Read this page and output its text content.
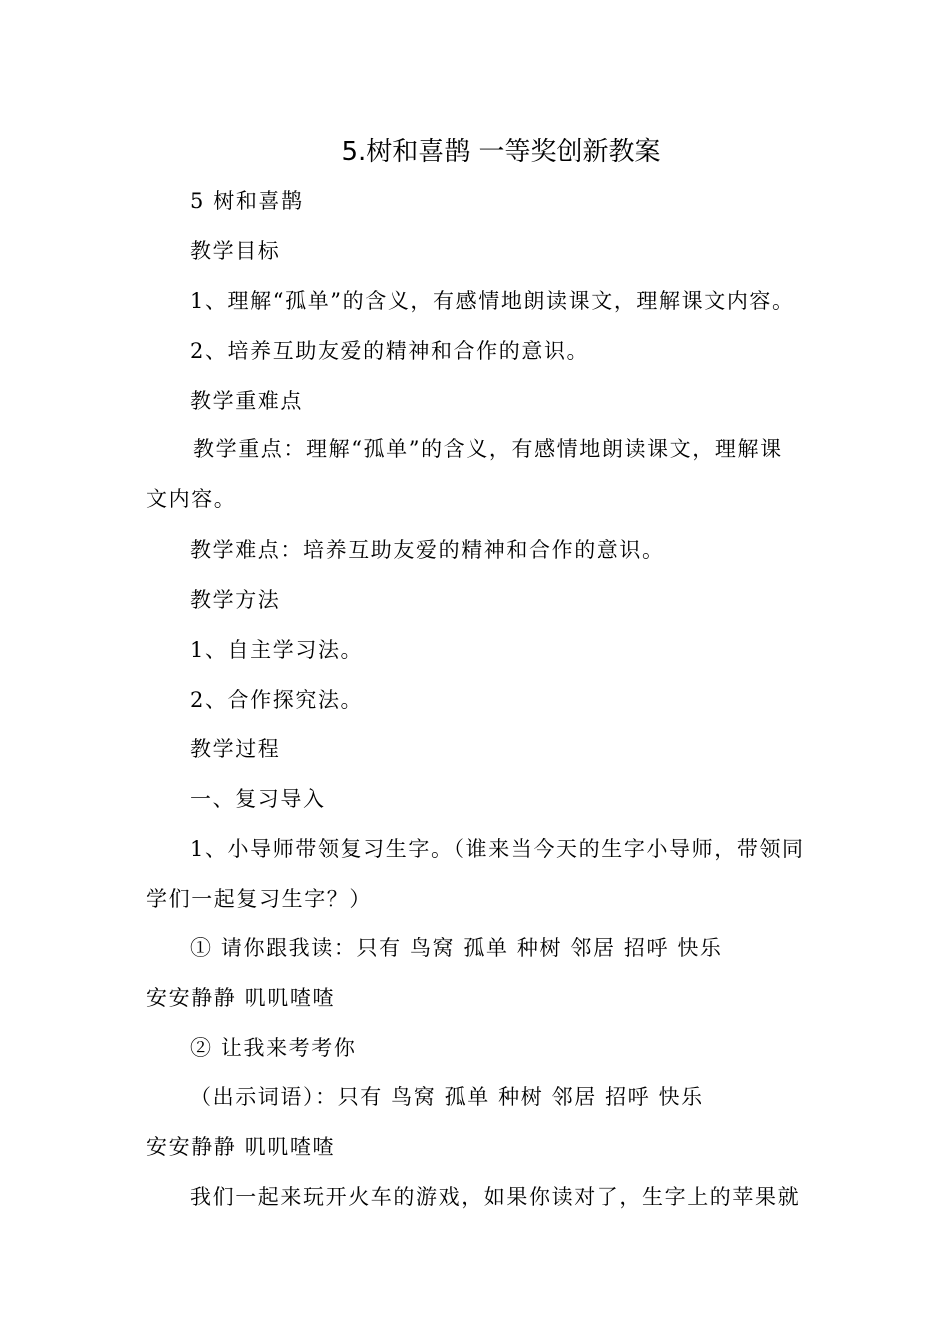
5.树和喜鹊 一等奖创新教案
5 树和喜鹊
教学目标
1、理解“孤单”的含义，有感情地朗读课文，理解课文内容。
2、培养互助友爱的精神和合作的意识。
教学重难点
教学重点：理解“孤单”的含义，有感情地朗读课文，理解课
文内容。
教学难点：培养互助友爱的精神和合作的意识。
教学方法
1、自主学习法。
2、合作探究法。
教学过程
一、复习导入
1、小导师带领复习生字。（谁来当今天的生字小导师，带领同
学们一起复习生字？）
① 请你跟我读：只有 鸟窝 孤单 种树 邻居 招呼 快乐
安安静静 叽叽喳喳
② 让我来考考你
（出示词语）：只有 鸟窝 孤单 种树 邻居 招呼 快乐
安安静静 叽叽喳喳
我们一起来玩开火车的游戏，如果你读对了，生字上的苹果就
